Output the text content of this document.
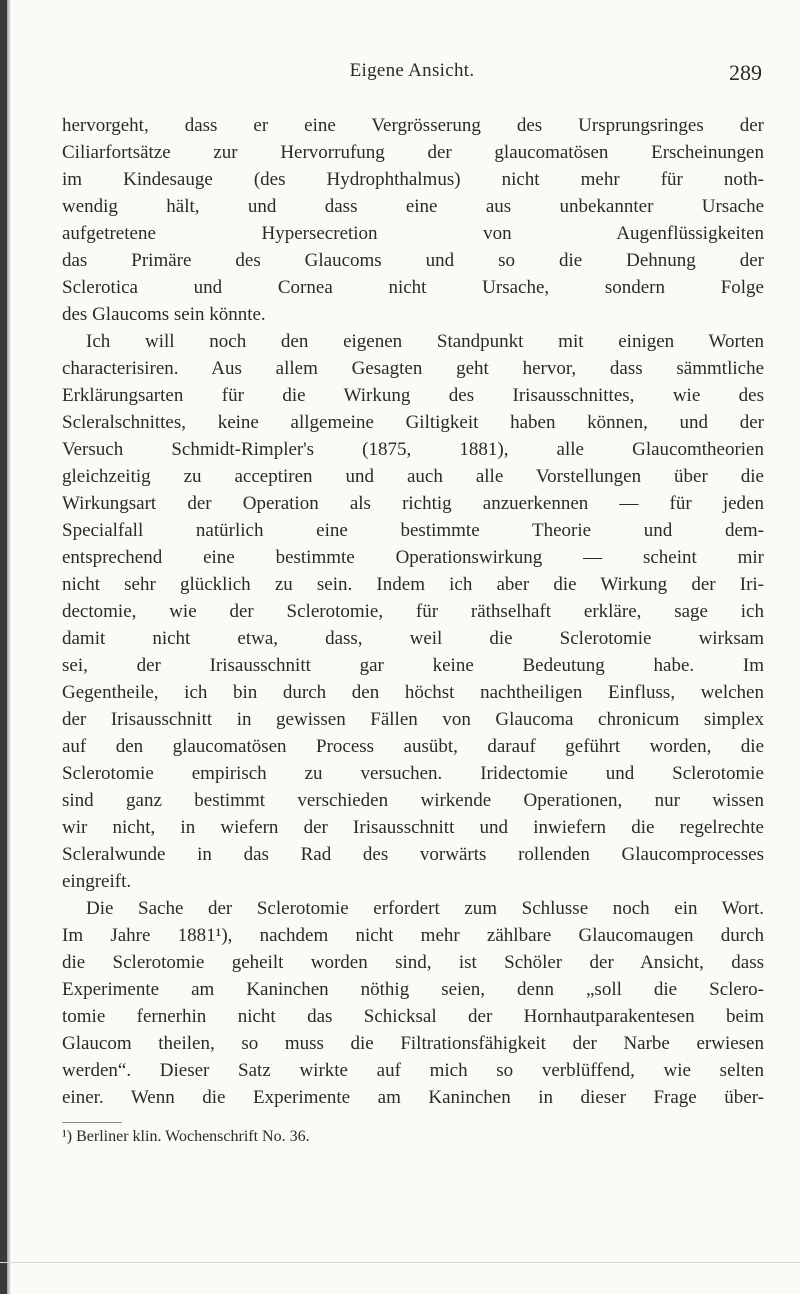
Eigene Ansicht.	289
hervorgeht, dass er eine Vergrösserung des Ursprungsringes der
Ciliarfortsätze zur Hervorrufung der glaucomatösen Erscheinungen
im Kindesauge (des Hydrophthalmus) nicht mehr für noth-
wendig hält, und dass eine aus unbekannter Ursache
aufgetretene Hypersecretion von Augenflüssigkeiten
das Primäre des Glaucoms und so die Dehnung der
Sclerotica und Cornea nicht Ursache, sondern Folge
des Glaucoms sein könnte.
Ich will noch den eigenen Standpunkt mit einigen Worten
characterisiren. Aus allem Gesagten geht hervor, dass sämmtliche
Erklärungsarten für die Wirkung des Irisausschnittes, wie des
Scleralschnittes, keine allgemeine Giltigkeit haben können, und der
Versuch Schmidt-Rimpler's (1875, 1881), alle Glaucomtheorien
gleichzeitig zu acceptiren und auch alle Vorstellungen über die
Wirkungsart der Operation als richtig anzuerkennen — für jeden
Specialfall natürlich eine bestimmte Theorie und dem-
entsprechend eine bestimmte Operationswirkung — scheint mir
nicht sehr glücklich zu sein. Indem ich aber die Wirkung der Iri-
dectomie, wie der Sclerotomie, für räthselhaft erkläre, sage ich
damit nicht etwa, dass, weil die Sclerotomie wirksam
sei, der Irisausschnitt gar keine Bedeutung habe. Im
Gegentheile, ich bin durch den höchst nachtheiligen Einfluss, welchen
der Irisausschnitt in gewissen Fällen von Glaucoma chronicum simplex
auf den glaucomatösen Process ausübt, darauf geführt worden, die
Sclerotomie empirisch zu versuchen. Iridectomie und Sclerotomie
sind ganz bestimmt verschieden wirkende Operationen, nur wissen
wir nicht, in wiefern der Irisausschnitt und inwiefern die regelrechte
Scleralwunde in das Rad des vorwärts rollenden Glaucomprocesses
eingreift.
Die Sache der Sclerotomie erfordert zum Schlusse noch ein Wort.
Im Jahre 1881¹), nachdem nicht mehr zählbare Glaucomaugen durch
die Sclerotomie geheilt worden sind, ist Schöler der Ansicht, dass
Experimente am Kaninchen nöthig seien, denn „soll die Sclero-
tomie fernerhin nicht das Schicksal der Hornhautparakentesen beim
Glaucom theilen, so muss die Filtrationsfähigkeit der Narbe erwiesen
werden“. Dieser Satz wirkte auf mich so verblüffend, wie selten
einer. Wenn die Experimente am Kaninchen in dieser Frage über-
¹) Berliner klin. Wochenschrift No. 36.
